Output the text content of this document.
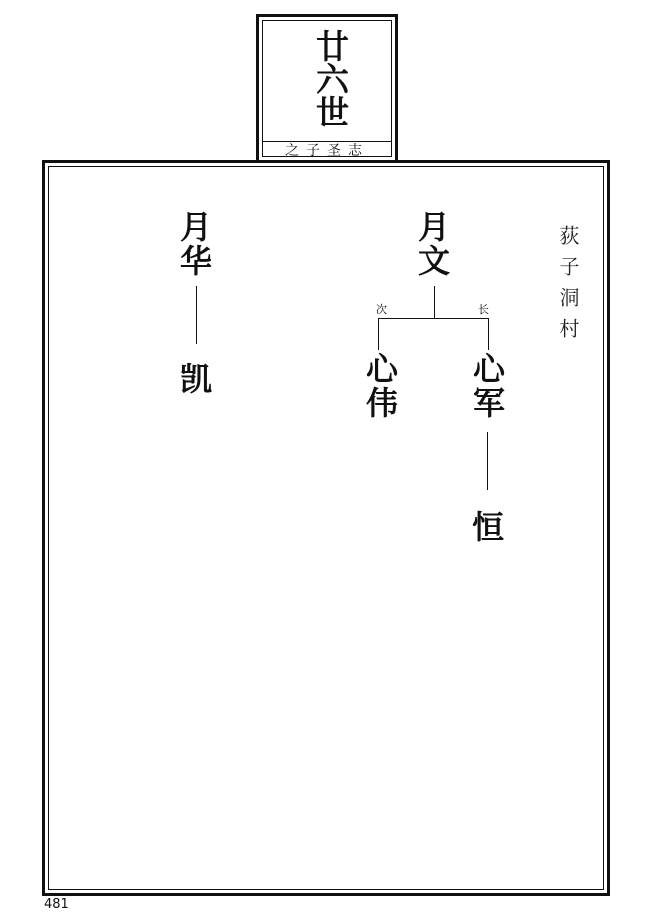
廿六世
之子圣志
荻子洞村
月文
次	长
心伟 心军
恒
月华
凯
481
